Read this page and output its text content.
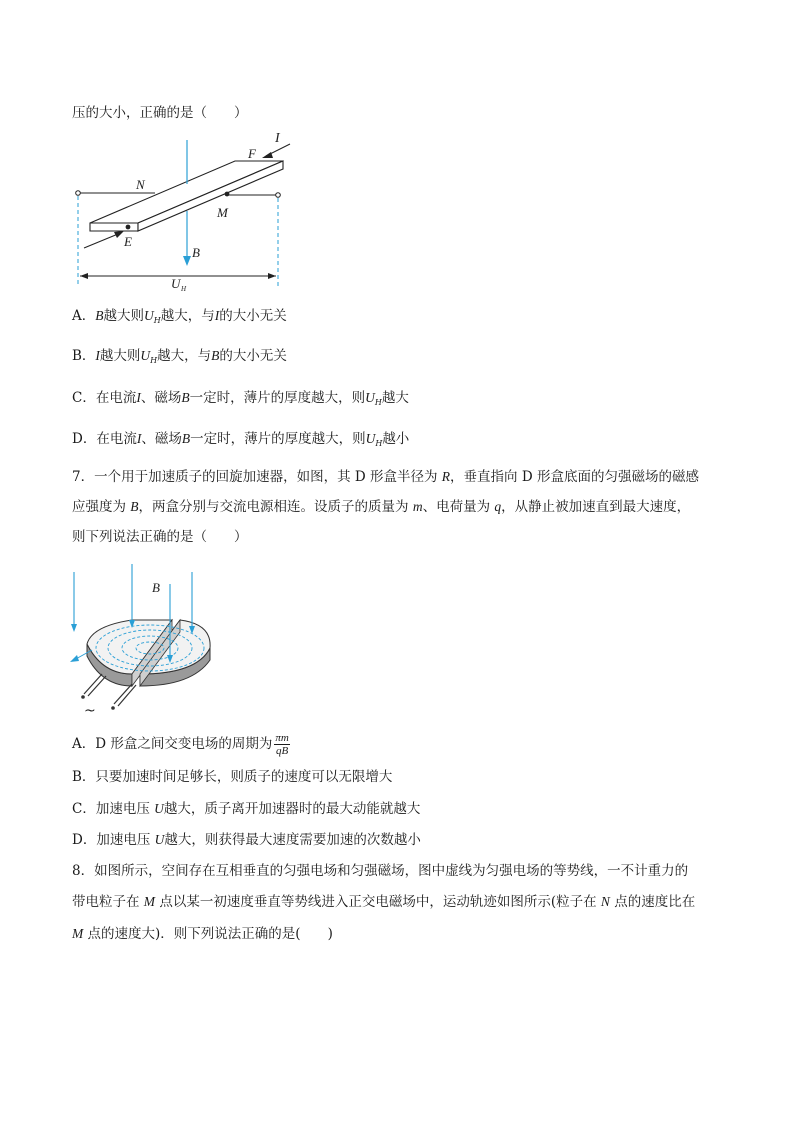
压的大小，正确的是（　　）
I
F
N
M
E
B
U H
A．B越大则$U_H$越大，与I的大小无关
B．I越大则$U_H$越大，与B的大小无关
C．在电流I、磁场B一定时，薄片的厚度越大，则$U_H$越大
D．在电流I、磁场B一定时，薄片的厚度越大，则$U_H$越小
7．一个用于加速质子的回旋加速器，如图，其 D 形盒半径为 R，垂直指向 D 形盒底面的匀强磁场的磁感
应强度为 B，两盒分别与交流电源相连。设质子的质量为 m、电荷量为 q，从静止被加速直到最大速度，
则下列说法正确的是（　　）
B
~
A．D 形盒之间交变电场的周期为 $\frac{\pi m}{qB}$
B．只要加速时间足够长，则质子的速度可以无限增大
C．加速电压 U越大，质子离开加速器时的最大动能就越大
D．加速电压 U越大，则获得最大速度需要加速的次数越小
8．如图所示，空间存在互相垂直的匀强电场和匀强磁场，图中虚线为匀强电场的等势线，一不计重力的
带电粒子在 M 点以某一初速度垂直等势线进入正交电磁场中，运动轨迹如图所示(粒子在 N 点的速度比在
M 点的速度大)．则下列说法正确的是(　　)
